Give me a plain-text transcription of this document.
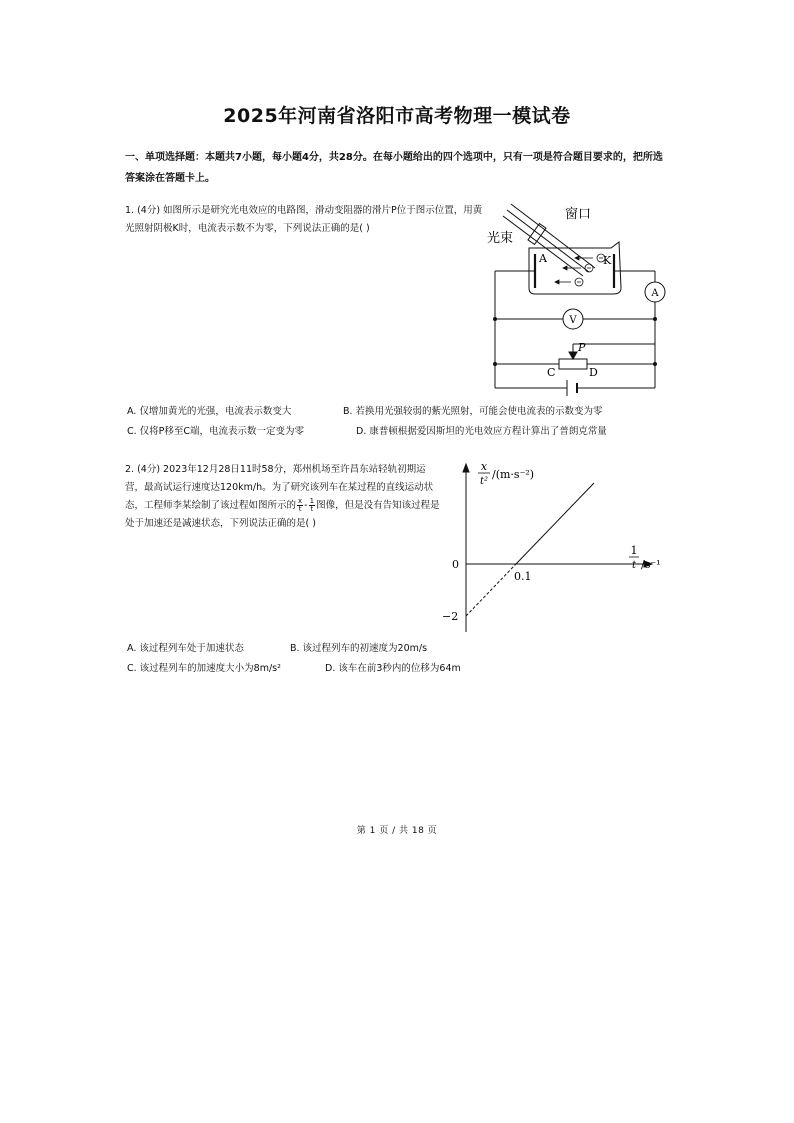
2025年河南省洛阳市高考物理一模试卷
一、单项选择题：本题共7小题，每小题4分，共28分。在每小题给出的四个选项中，只有一项是符合题目要求的，把所选答案涂在答题卡上。
1. (4分) 如图所示是研究光电效应的电路图，滑动变阻器的滑片P位于图示位置，用黄光照射阴极K时，电流表示数不为零，下列说法正确的是( )
窗口
光束
A	K
A
V
P
C	D
A. 仅增加黄光的光强，电流表示数变大	B. 若换用光强较弱的紫光照射，可能会使电流表的示数变为零
C. 仅将P移至C端，电流表示数一定变为零	D. 康普顿根据爱因斯坦的光电效应方程计算出了普朗克常量
2. (4分) 2023年12月28日11时58分，郑州机场至许昌东站轻轨初期运营，最高试运行速度达120km/h。为了研究该列车在某过程的直线运动状态，工程师李某绘制了该过程如图所示的 $\frac{x}{t} - \frac{1}{t}$ 图像，但是没有告知该过程是处于加速还是减速状态，下列说法正确的是( )
x
t²
/(m·s⁻²)
1
t /s⁻¹
0
0.1
−2
A. 该过程列车处于加速状态	B. 该过程列车的初速度为20m/s
C. 该过程列车的加速度大小为8m/s²	D. 该车在前3秒内的位移为64m
第 1 页 / 共 18 页
